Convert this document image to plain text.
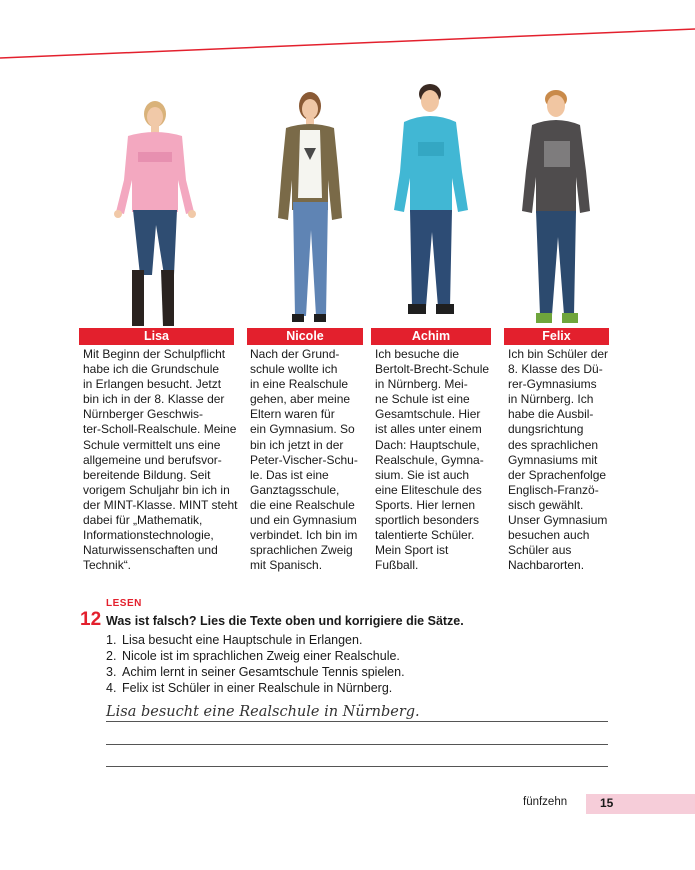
Lisa	Nicole	Achim	Felix
Mit Beginn der Schulpflicht
habe ich die Grundschule
in Erlangen besucht. Jetzt
bin ich in der 8. Klasse der
Nürnberger Geschwis-
ter-Scholl-Realschule. Meine
Schule vermittelt uns eine
allgemeine und berufsvor-
bereitende Bildung. Seit
vorigem Schuljahr bin ich in
der MINT-Klasse. MINT steht
dabei für „Mathematik,
Informationstechnologie,
Naturwissenschaften und
Technik“.
Nach der Grund-
schule wollte ich
in eine Realschule
gehen, aber meine
Eltern waren für
ein Gymnasium. So
bin ich jetzt in der
Peter-Vischer-Schu-
le. Das ist eine
Ganztagsschule,
die eine Realschule
und ein Gymnasium
verbindet. Ich bin im
sprachlichen Zweig
mit Spanisch.
Ich besuche die
Bertolt-Brecht-Schule
in Nürnberg. Mei-
ne Schule ist eine
Gesamtschule. Hier
ist alles unter einem
Dach: Hauptschule,
Realschule, Gymna-
sium. Sie ist auch
eine Eliteschule des
Sports. Hier lernen
sportlich besonders
talentierte Schüler.
Mein Sport ist
Fußball.
Ich bin Schüler der
8. Klasse des Dü-
rer-Gymnasiums
in Nürnberg. Ich
habe die Ausbil-
dungsrichtung
des sprachlichen
Gymnasiums mit
der Sprachenfolge
Englisch-Franzö-
sisch gewählt.
Unser Gymnasium
besuchen auch
Schüler aus
Nachbarorten.
LESEN
12 Was ist falsch? Lies die Texte oben und korrigiere die Sätze.
1. Lisa besucht eine Hauptschule in Erlangen.
2. Nicole ist im sprachlichen Zweig einer Realschule.
3. Achim lernt in seiner Gesamtschule Tennis spielen.
4. Felix ist Schüler in einer Realschule in Nürnberg.
Lisa besucht eine Realschule in Nürnberg.
fünfzehn	15
